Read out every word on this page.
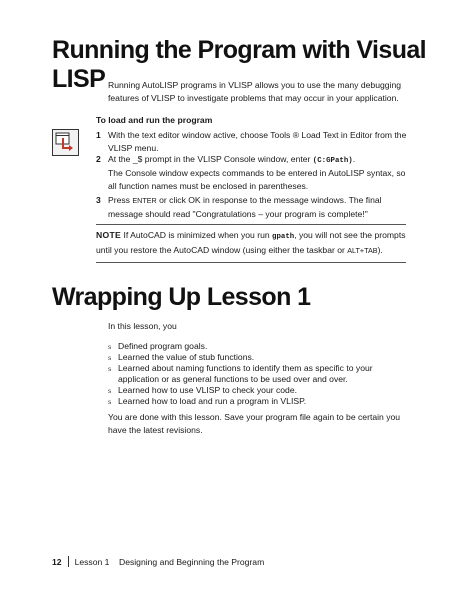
Running the Program with Visual LISP Running AutoLISP programs in VLISP allows you to use the many debugging features of VLISP to investigate problems that may occur in your application.
To load and run the program
1 With the text editor window active, choose Tools ® Load Text in Editor from the VLISP menu.
2 At the _$ prompt in the VLISP Console window, enter (C:GPath).
The Console window expects commands to be entered in AutoLISP syntax, so all function names must be enclosed in parentheses.
3 Press ENTER or click OK in response to the message windows. The final message should read "Congratulations – your program is complete!"
NOTE If AutoCAD is minimized when you run gpath, you will not see the prompts until you restore the AutoCAD window (using either the taskbar or ALT+TAB).
Wrapping Up Lesson 1
In this lesson, you
s Defined program goals.
s Learned the value of stub functions.
s Learned about naming functions to identify them as specific to your application or as general functions to be used over and over.
s Learned how to use VLISP to check your code.
s Learned how to load and run a program in VLISP.
You are done with this lesson. Save your program file again to be certain you have the latest revisions.
12 Lesson 1    Designing and Beginning the Program
